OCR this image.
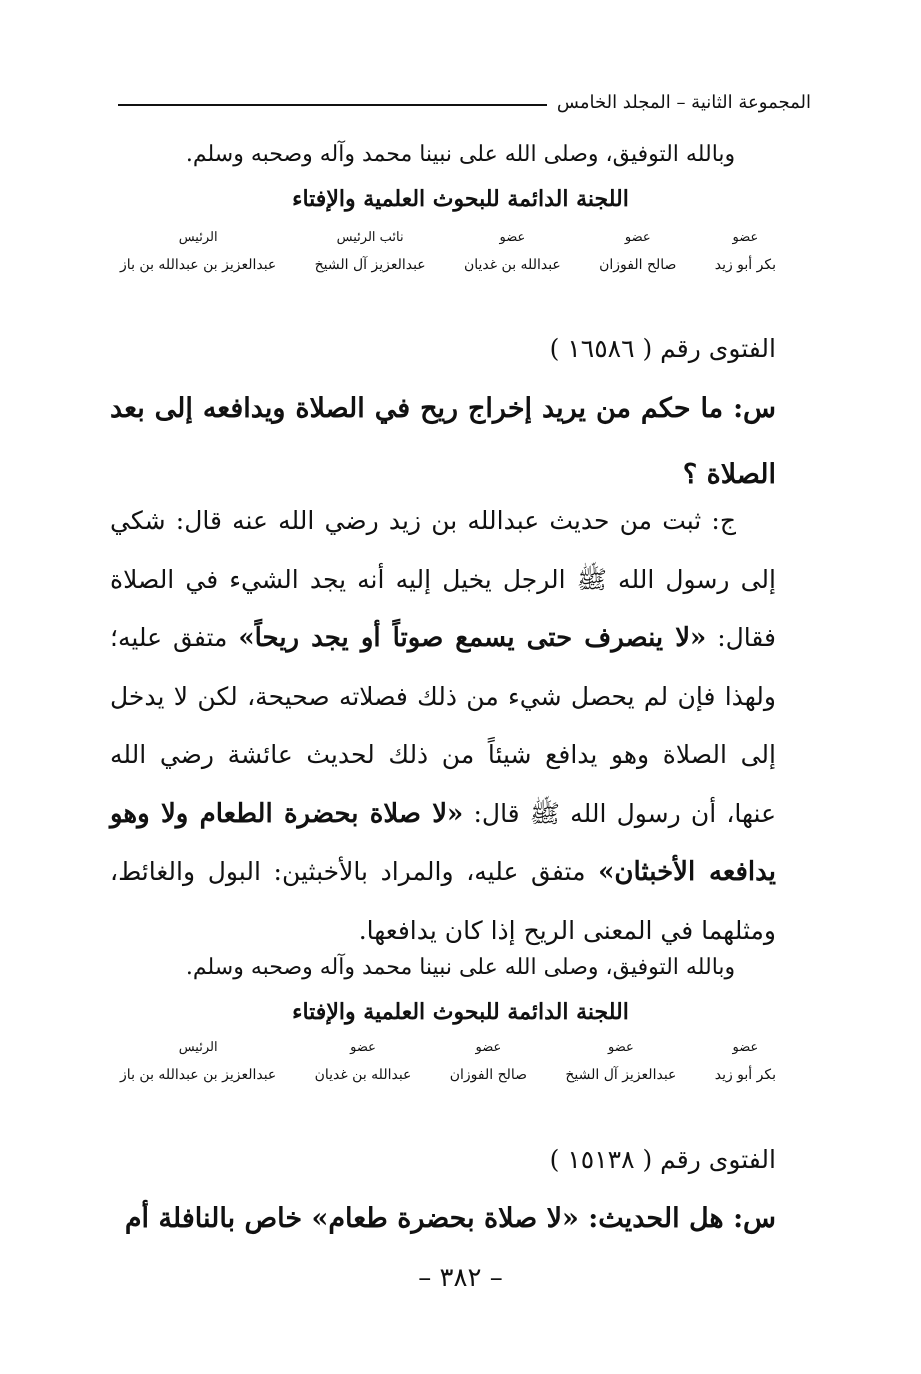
المجموعة الثانية – المجلد الخامس
وبالله التوفيق، وصلى الله على نبينا محمد وآله وصحبه وسلم.
اللجنة الدائمة للبحوث العلمية والإفتاء
عضو
بكر أبو زيد
عضو
صالح الفوزان
عضو
عبدالله بن غديان
نائب الرئيس
عبدالعزيز آل الشيخ
الرئيس
عبدالعزيز بن عبدالله بن باز
الفتوى رقم ( ١٦٥٨٦ )
س: ما حكم من يريد إخراج ريح في الصلاة ويدافعه إلى بعد الصلاة ؟
ج: ثبت من حديث عبدالله بن زيد رضي الله عنه قال: شكي إلى رسول الله ﷺ الرجل يخيل إليه أنه يجد الشيء في الصلاة فقال: «لا ينصرف حتى يسمع صوتاً أو يجد ريحاً» متفق عليه؛ ولهذا فإن لم يحصل شيء من ذلك فصلاته صحيحة، لكن لا يدخل إلى الصلاة وهو يدافع شيئاً من ذلك لحديث عائشة رضي الله عنها، أن رسول الله ﷺ قال: «لا صلاة بحضرة الطعام ولا وهو يدافعه الأخبثان» متفق عليه، والمراد بالأخبثين: البول والغائط، ومثلهما في المعنى الريح إذا كان يدافعها.
وبالله التوفيق، وصلى الله على نبينا محمد وآله وصحبه وسلم.
اللجنة الدائمة للبحوث العلمية والإفتاء
عضو
بكر أبو زيد
عضو
عبدالعزيز آل الشيخ
عضو
صالح الفوزان
عضو
عبدالله بن غديان
الرئيس
عبدالعزيز بن عبدالله بن باز
الفتوى رقم ( ١٥١٣٨ )
س: هل الحديث: «لا صلاة بحضرة طعام» خاص بالنافلة أم
– ٣٨٢ –
